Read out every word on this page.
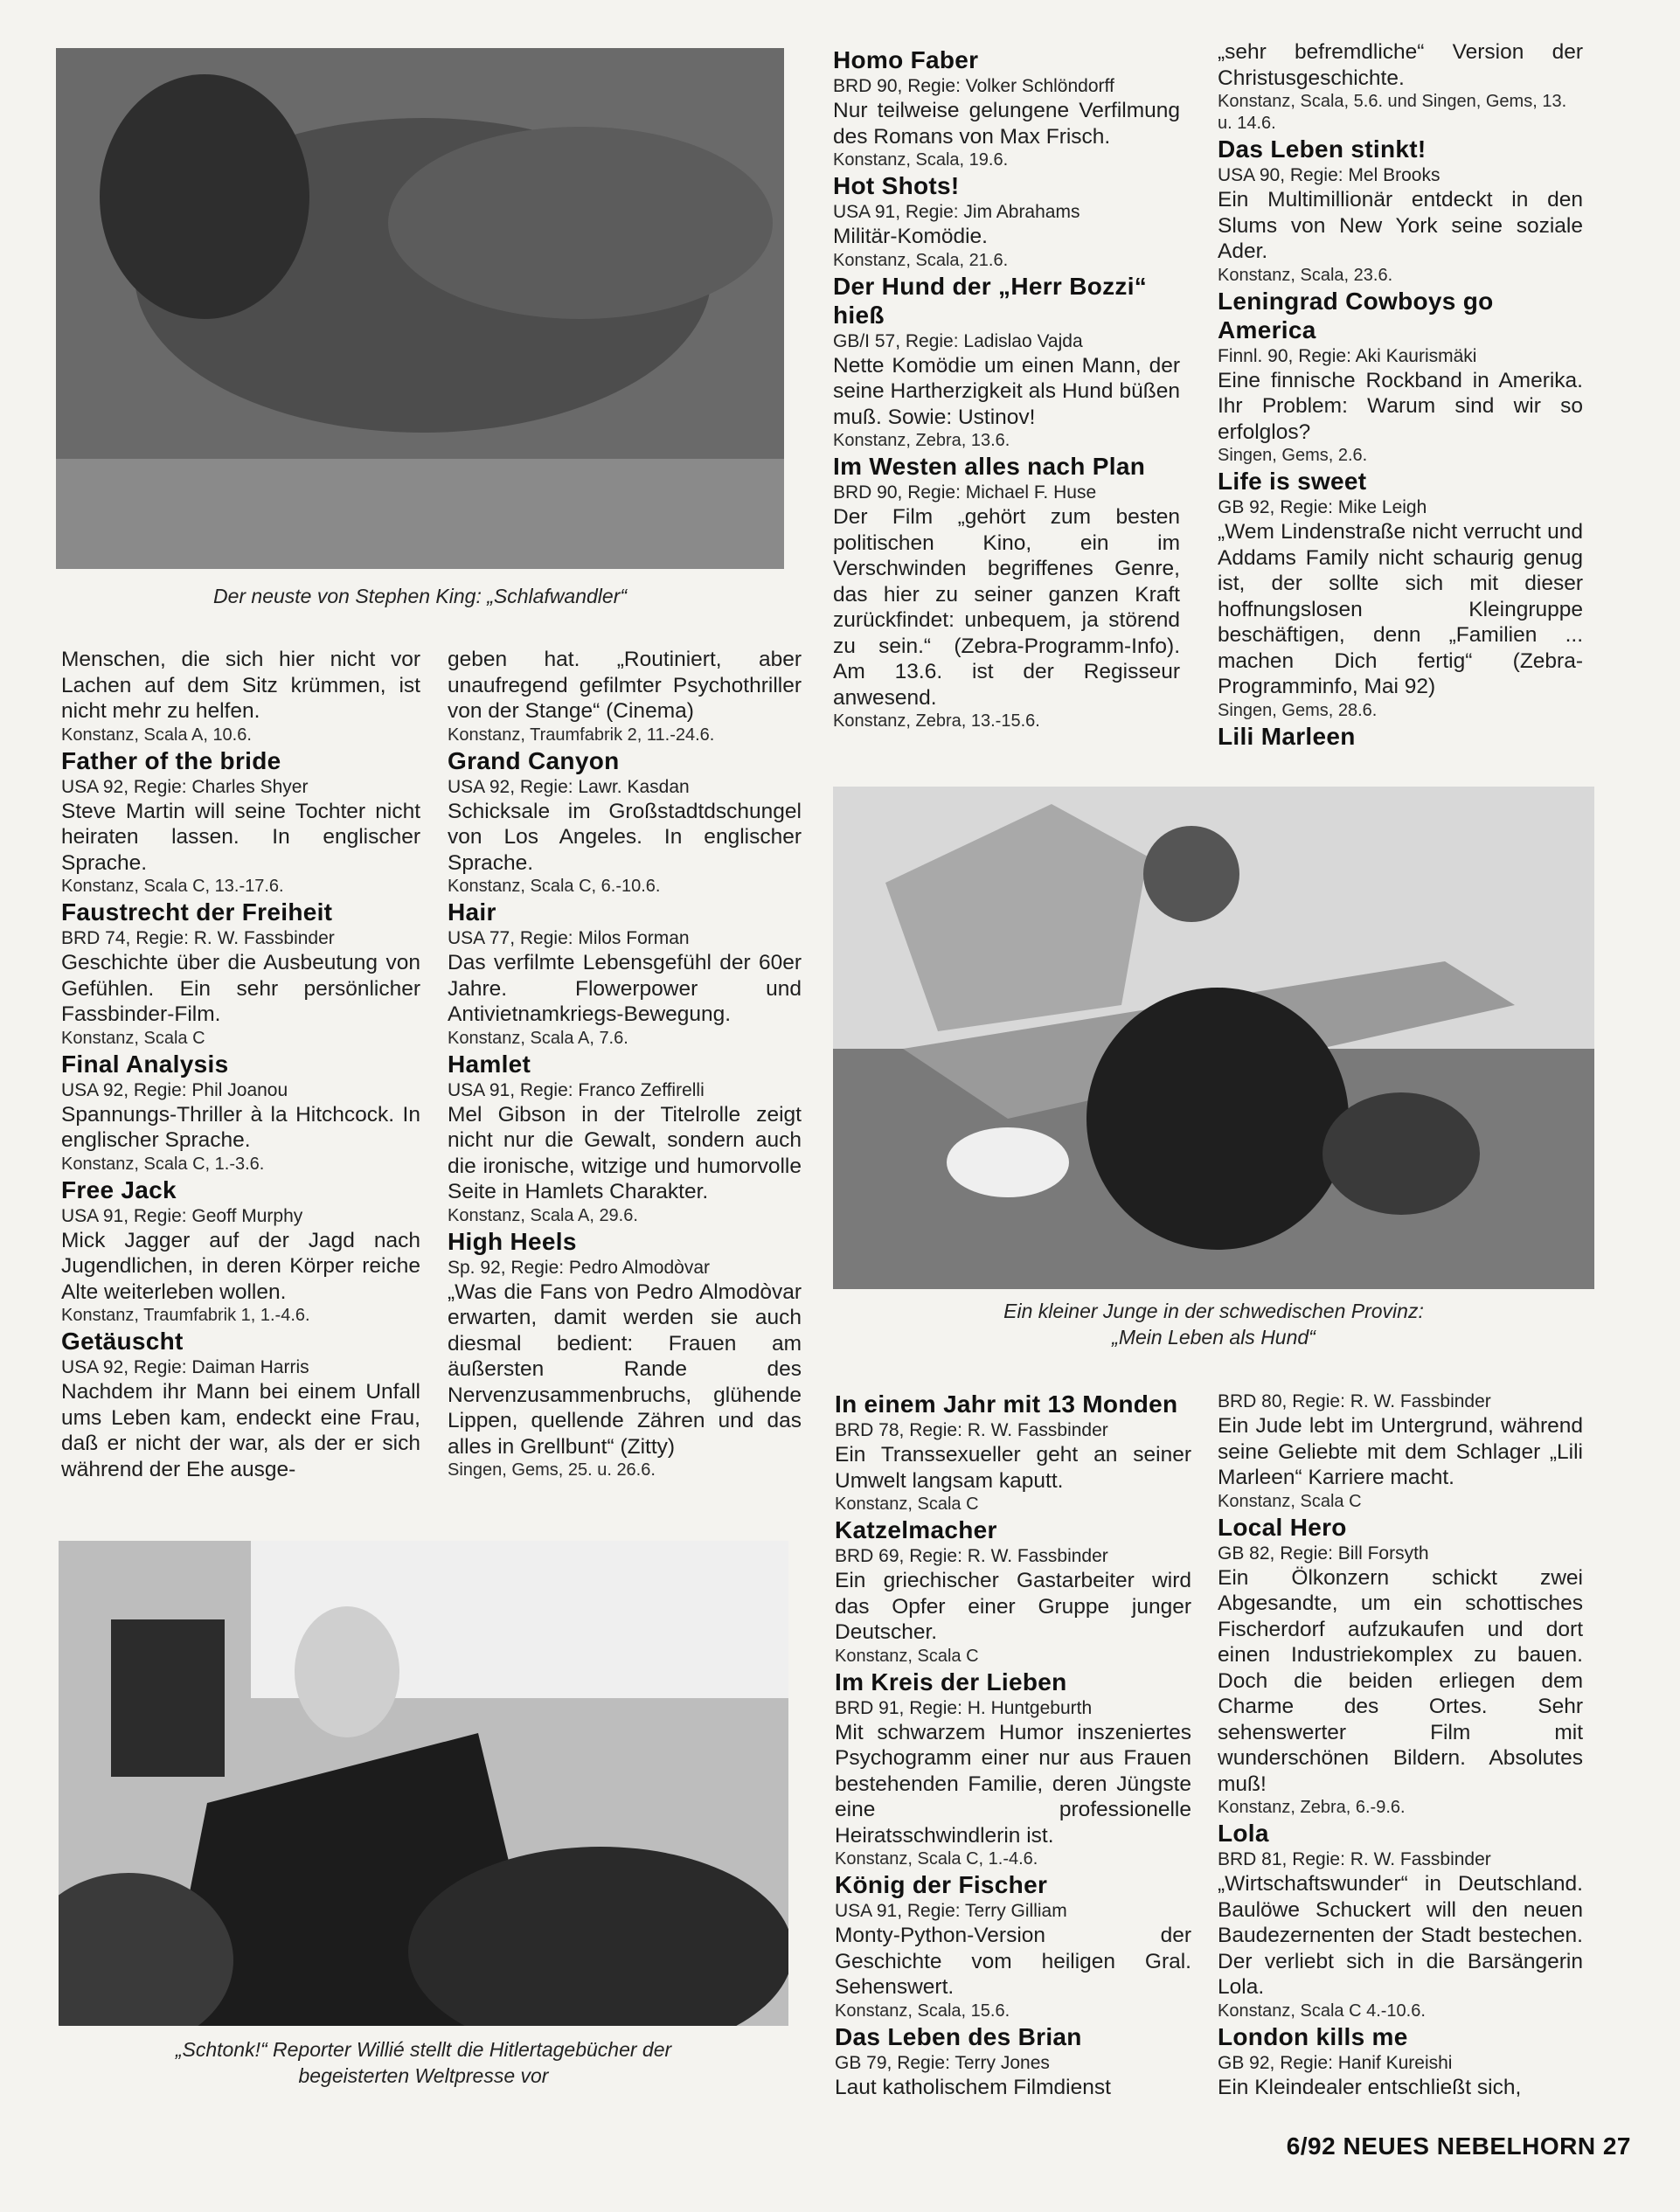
Der neuste von Stephen King: „Schlafwandler“
Ein kleiner Junge in der schwedischen Provinz:
„Mein Leben als Hund“
„Schtonk!“ Reporter Willié stellt die Hitlertagebücher der
begeisterten Weltpresse vor
Menschen, die sich hier nicht vor Lachen auf dem Sitz krümmen, ist nicht mehr zu helfen.
Konstanz, Scala A, 10.6.
Father of the bride
USA 92, Regie: Charles Shyer
Steve Martin will seine Tochter nicht heiraten lassen. In englischer Sprache.
Konstanz, Scala C, 13.-17.6.
Faustrecht der Freiheit
BRD 74, Regie: R. W. Fassbinder
Geschichte über die Ausbeutung von Gefühlen. Ein sehr persönlicher Fassbinder-Film.
Konstanz, Scala C
Final Analysis
USA 92, Regie: Phil Joanou
Spannungs-Thriller à la Hitchcock. In englischer Sprache.
Konstanz, Scala C, 1.-3.6.
Free Jack
USA 91, Regie: Geoff Murphy
Mick Jagger auf der Jagd nach Jugendlichen, in deren Körper reiche Alte weiterleben wollen.
Konstanz, Traumfabrik 1, 1.-4.6.
Getäuscht
USA 92, Regie: Daiman Harris
Nachdem ihr Mann bei einem Unfall ums Leben kam, endeckt eine Frau, daß er nicht der war, als der er sich während der Ehe ausge-
geben hat. „Routiniert, aber unaufregend gefilmter Psychothriller von der Stange“ (Cinema)
Konstanz, Traumfabrik 2, 11.-24.6.
Grand Canyon
USA 92, Regie: Lawr. Kasdan
Schicksale im Großstadtdschungel von Los Angeles. In englischer Sprache.
Konstanz, Scala C, 6.-10.6.
Hair
USA 77, Regie: Milos Forman
Das verfilmte Lebensgefühl der 60er Jahre. Flowerpower und Antivietnamkriegs-Bewegung.
Konstanz, Scala A, 7.6.
Hamlet
USA 91, Regie: Franco Zeffirelli
Mel Gibson in der Titelrolle zeigt nicht nur die Gewalt, sondern auch die ironische, witzige und humorvolle Seite in Hamlets Charakter.
Konstanz, Scala A, 29.6.
High Heels
Sp. 92, Regie: Pedro Almodòvar
„Was die Fans von Pedro Almodòvar erwarten, damit werden sie auch diesmal bedient: Frauen am äußersten Rande des Nervenzusammenbruchs, glühende Lippen, quellende Zähren und das alles in Grellbunt“ (Zitty)
Singen, Gems, 25. u. 26.6.
Homo Faber
BRD 90, Regie: Volker Schlöndorff
Nur teilweise gelungene Verfilmung des Romans von Max Frisch.
Konstanz, Scala, 19.6.
Hot Shots!
USA 91, Regie: Jim Abrahams
Militär-Komödie.
Konstanz, Scala, 21.6.
Der Hund der „Herr Bozzi“ hieß
GB/I 57, Regie: Ladislao Vajda
Nette Komödie um einen Mann, der seine Hartherzigkeit als Hund büßen muß. Sowie: Ustinov!
Konstanz, Zebra, 13.6.
Im Westen alles nach Plan
BRD 90, Regie: Michael F. Huse
Der Film „gehört zum besten politischen Kino, ein im Verschwinden begriffenes Genre, das hier zu seiner ganzen Kraft zurückfindet: unbequem, ja störend zu sein.“ (Zebra-Programm-Info). Am 13.6. ist der Regisseur anwesend.
Konstanz, Zebra, 13.-15.6.
„sehr befremdliche“ Version der Christusgeschichte.
Konstanz, Scala, 5.6. und Singen, Gems, 13. u. 14.6.
Das Leben stinkt!
USA 90, Regie: Mel Brooks
Ein Multimillionär entdeckt in den Slums von New York seine soziale Ader.
Konstanz, Scala, 23.6.
Leningrad Cowboys go America
Finnl. 90, Regie: Aki Kaurismäki
Eine finnische Rockband in Amerika. Ihr Problem: Warum sind wir so erfolglos?
Singen, Gems, 2.6.
Life is sweet
GB 92, Regie: Mike Leigh
„Wem Lindenstraße nicht verrucht und Addams Family nicht schaurig genug ist, der sollte sich mit dieser hoffnungslosen Kleingruppe beschäftigen, denn „Familien ... machen Dich fertig“ (Zebra-Programminfo, Mai 92)
Singen, Gems, 28.6.
Lili Marleen
In einem Jahr mit 13 Monden
BRD 78, Regie: R. W. Fassbinder
Ein Transsexueller geht an seiner Umwelt langsam kaputt.
Konstanz, Scala C
Katzelmacher
BRD 69, Regie: R. W. Fassbinder
Ein griechischer Gastarbeiter wird das Opfer einer Gruppe junger Deutscher.
Konstanz, Scala C
Im Kreis der Lieben
BRD 91, Regie: H. Huntgeburth
Mit schwarzem Humor inszeniertes Psychogramm einer nur aus Frauen bestehenden Familie, deren Jüngste eine professionelle Heiratsschwindlerin ist.
Konstanz, Scala C, 1.-4.6.
König der Fischer
USA 91, Regie: Terry Gilliam
Monty-Python-Version der Geschichte vom heiligen Gral. Sehenswert.
Konstanz, Scala, 15.6.
Das Leben des Brian
GB 79, Regie: Terry Jones
Laut katholischem Filmdienst
BRD 80, Regie: R. W. Fassbinder
Ein Jude lebt im Untergrund, während seine Geliebte mit dem Schlager „Lili Marleen“ Karriere macht.
Konstanz, Scala C
Local Hero
GB 82, Regie: Bill Forsyth
Ein Ölkonzern schickt zwei Abgesandte, um ein schottisches Fischerdorf aufzukaufen und dort einen Industriekomplex zu bauen. Doch die beiden erliegen dem Charme des Ortes. Sehr sehenswerter Film mit wunderschönen Bildern. Absolutes muß!
Konstanz, Zebra, 6.-9.6.
Lola
BRD 81, Regie: R. W. Fassbinder
„Wirtschaftswunder“ in Deutschland. Baulöwe Schuckert will den neuen Baudezernenten der Stadt bestechen. Der verliebt sich in die Barsängerin Lola.
Konstanz, Scala C 4.-10.6.
London kills me
GB 92, Regie: Hanif Kureishi
Ein Kleindealer entschließt sich,
6/92 NEUES NEBELHORN 27
